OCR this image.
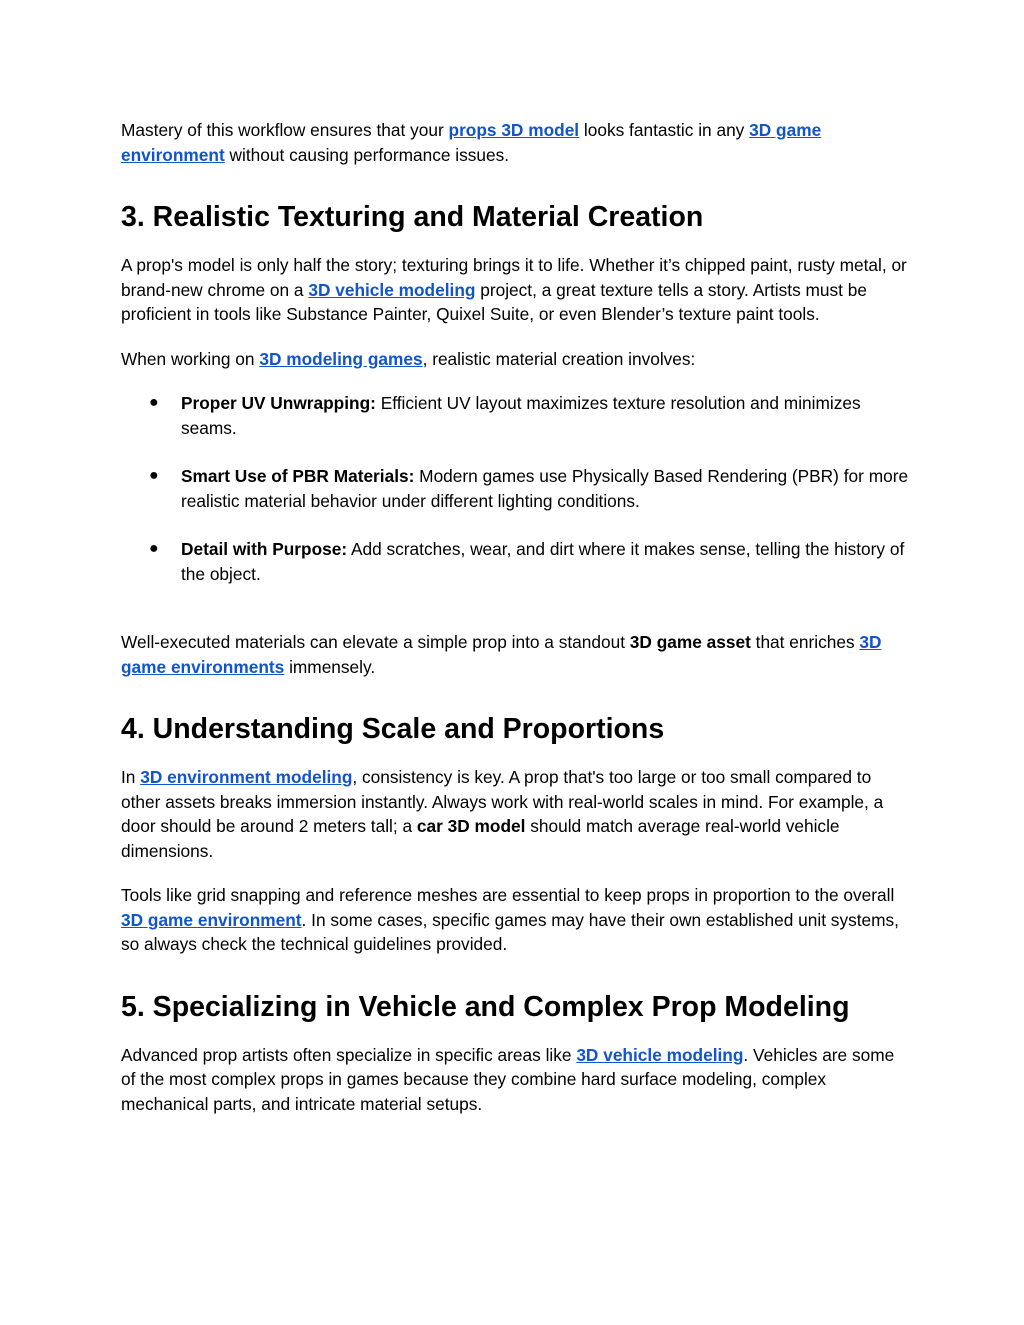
Mastery of this workflow ensures that your props 3D model looks fantastic in any 3D game environment without causing performance issues.

3. Realistic Texturing and Material Creation

A prop's model is only half the story; texturing brings it to life. Whether it’s chipped paint, rusty metal, or brand-new chrome on a 3D vehicle modeling project, a great texture tells a story. Artists must be proficient in tools like Substance Painter, Quixel Suite, or even Blender’s texture paint tools.

When working on 3D modeling games, realistic material creation involves:

● Proper UV Unwrapping: Efficient UV layout maximizes texture resolution and minimizes seams.
● Smart Use of PBR Materials: Modern games use Physically Based Rendering (PBR) for more realistic material behavior under different lighting conditions.
● Detail with Purpose: Add scratches, wear, and dirt where it makes sense, telling the history of the object.

Well-executed materials can elevate a simple prop into a standout 3D game asset that enriches 3D game environments immensely.

4. Understanding Scale and Proportions

In 3D environment modeling, consistency is key. A prop that's too large or too small compared to other assets breaks immersion instantly. Always work with real-world scales in mind. For example, a door should be around 2 meters tall; a car 3D model should match average real-world vehicle dimensions.

Tools like grid snapping and reference meshes are essential to keep props in proportion to the overall 3D game environment. In some cases, specific games may have their own established unit systems, so always check the technical guidelines provided.

5. Specializing in Vehicle and Complex Prop Modeling

Advanced prop artists often specialize in specific areas like 3D vehicle modeling. Vehicles are some of the most complex props in games because they combine hard surface modeling, complex mechanical parts, and intricate material setups.
